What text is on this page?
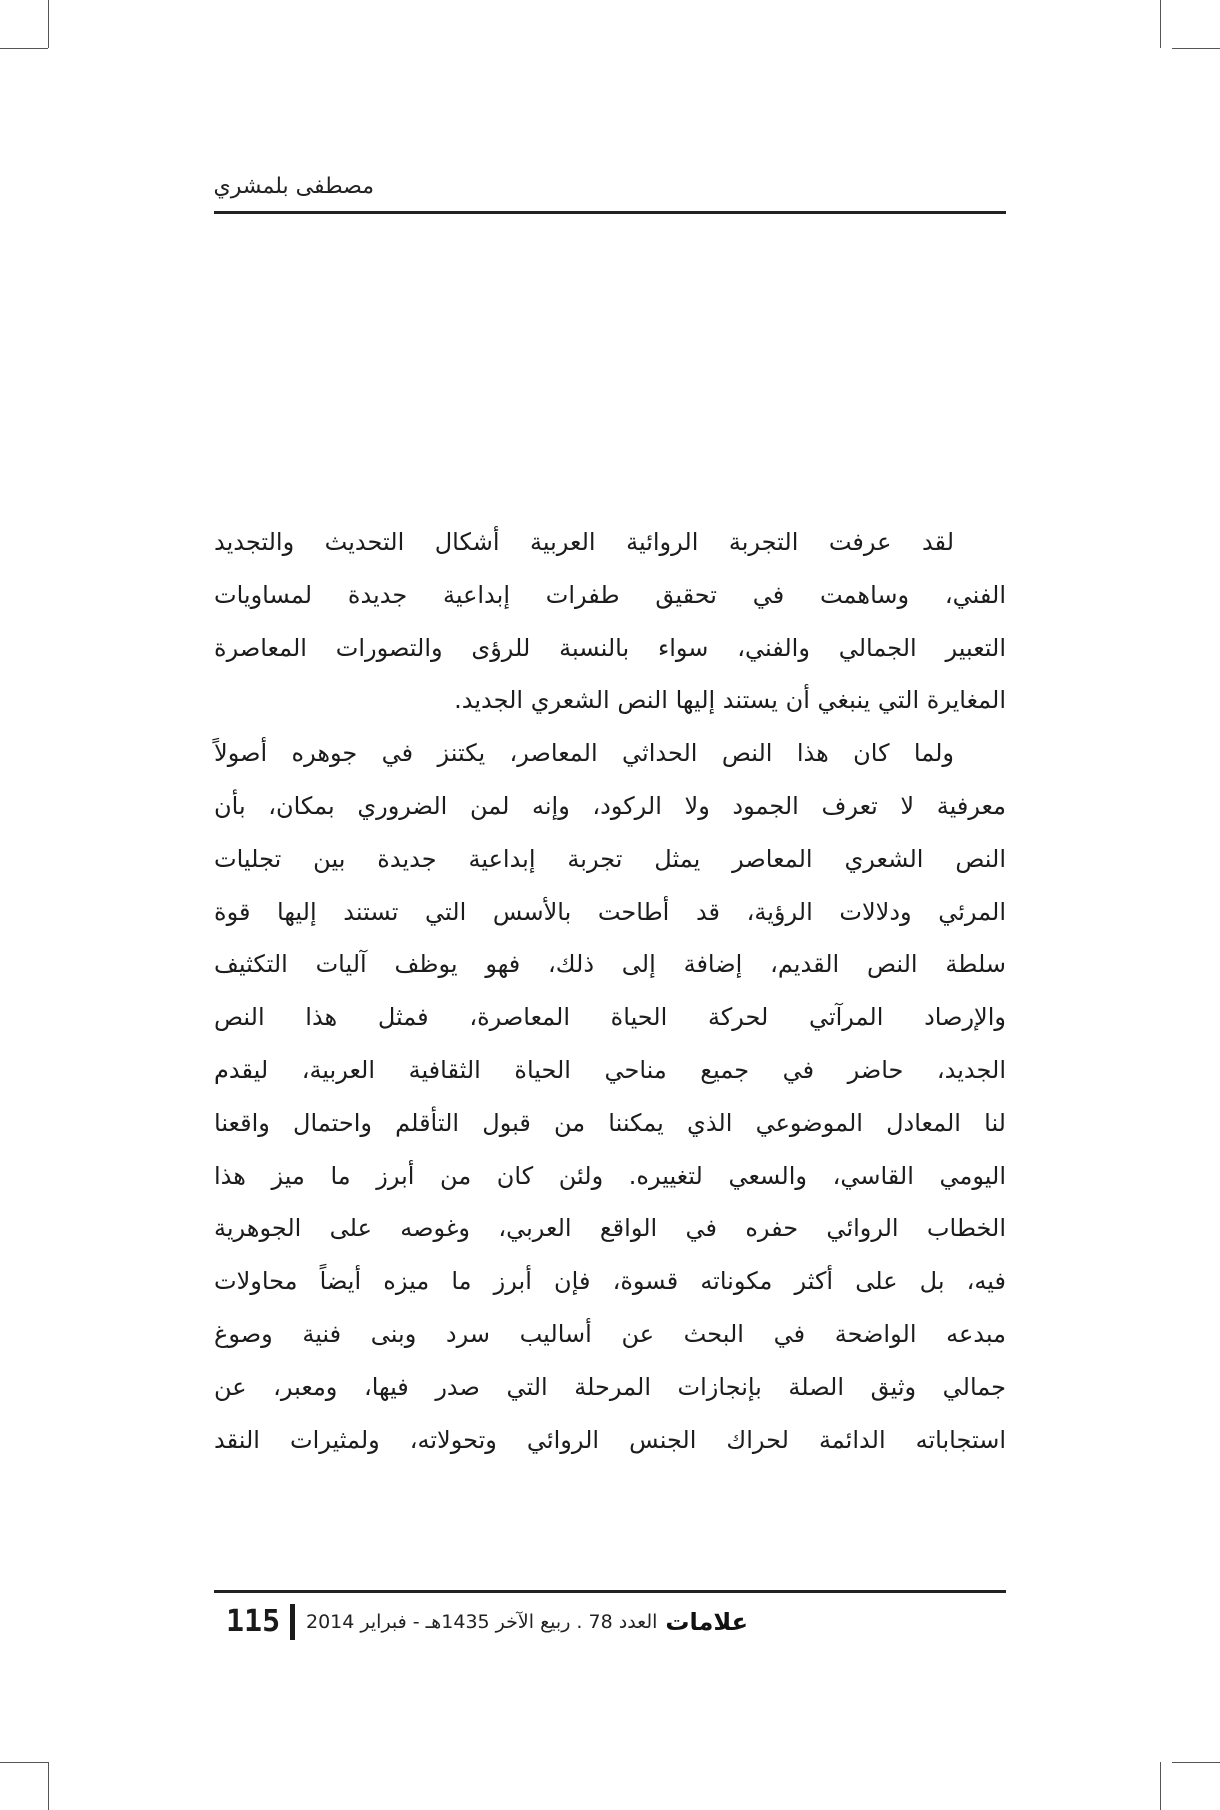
مصطفى بلمشري
لقد عرفت التجربة الروائية العربية أشكال التحديث والتجديد
الفني، وساهمت في تحقيق طفرات إبداعية جديدة لمساويات
التعبير الجمالي والفني، سواء بالنسبة للرؤى والتصورات المعاصرة
المغايرة التي ينبغي أن يستند إليها النص الشعري الجديد.
ولما كان هذا النص الحداثي المعاصر، يكتنز في جوهره أصولاً
معرفية لا تعرف الجمود ولا الركود، وإنه لمن الضروري بمكان، بأن
النص الشعري المعاصر يمثل تجربة إبداعية جديدة بين تجليات
المرئي ودلالات الرؤية، قد أطاحت بالأسس التي تستند إليها قوة
سلطة النص القديم، إضافة إلى ذلك، فهو يوظف آليات التكثيف
والإرصاد المرآتي لحركة الحياة المعاصرة، فمثل هذا النص
الجديد، حاضر في جميع مناحي الحياة الثقافية العربية، ليقدم
لنا المعادل الموضوعي الذي يمكننا من قبول التأقلم واحتمال واقعنا
اليومي القاسي، والسعي لتغييره. ولئن كان من أبرز ما ميز هذا
الخطاب الروائي حفره في الواقع العربي، وغوصه على الجوهرية
فيه، بل على أكثر مكوناته قسوة، فإن أبرز ما ميزه أيضاً محاولات
مبدعه الواضحة في البحث عن أساليب سرد وبنى فنية وصوغ
جمالي وثيق الصلة بإنجازات المرحلة التي صدر فيها، ومعبر، عن
استجاباته الدائمة لحراك الجنس الروائي وتحولاته، ولمثيرات النقد
115	علامات
العدد 78 . ربيع الآخر 1435هـ - فبراير 2014
